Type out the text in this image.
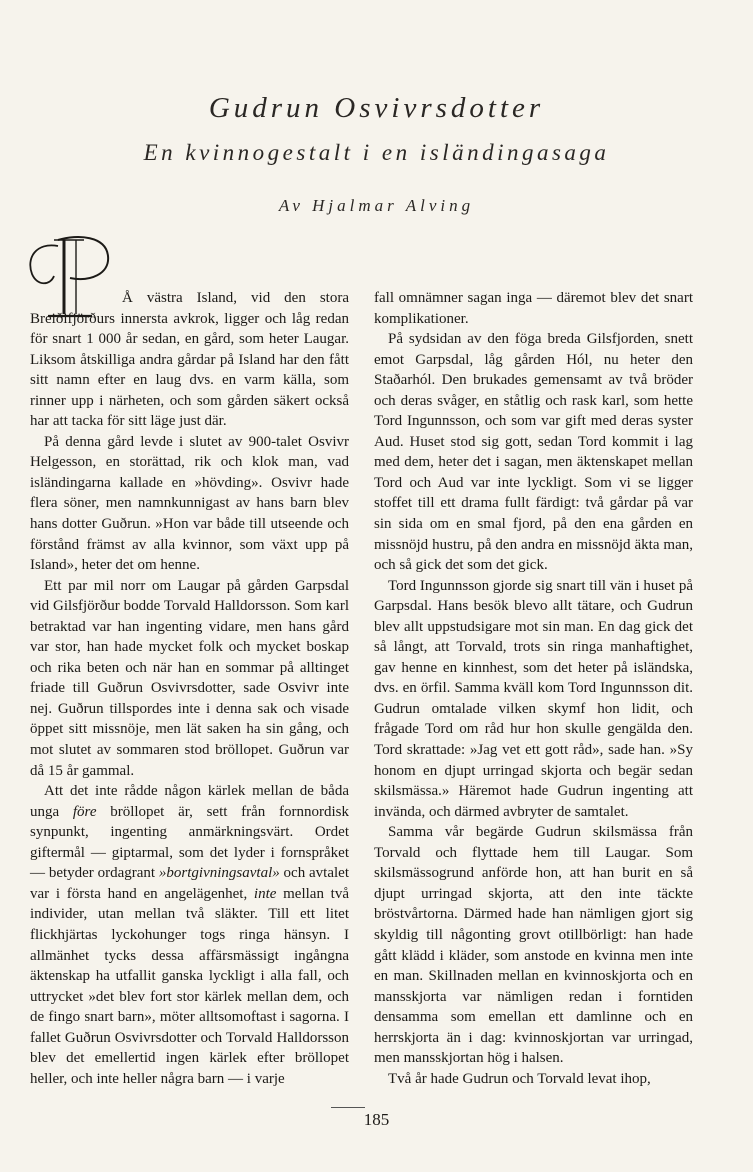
Gudrun Osvivrsdotter
En kvinnogestalt i en isländingasaga
Av Hjalmar Alving

Å västra Island, vid den stora Breiðifjörðurs innersta avkrok, ligger och låg redan för snart 1 000 år sedan, en gård, som heter Laugar. Liksom åtskilliga andra gårdar på Island har den fått sitt namn efter en laug dvs. en varm källa, som rinner upp i närheten, och som gården säkert också har att tacka för sitt läge just där.

På denna gård levde i slutet av 900-talet Osvivr Helgesson, en storättad, rik och klok man, vad isländingarna kallade en »hövding». Osvivr hade flera söner, men namnkunnigast av hans barn blev hans dotter Guðrun. »Hon var både till utseende och förstånd främst av alla kvinnor, som växt upp på Island», heter det om henne.

Ett par mil norr om Laugar på gården Garpsdal vid Gilsfjörður bodde Torvald Halldorsson. Som karl betraktad var han ingenting vidare, men hans gård var stor, han hade mycket folk och mycket boskap och rika beten och när han en sommar på alltinget friade till Guðrun Osvivrsdotter, sade Osvivr inte nej. Guðrun tillspordes inte i denna sak och visade öppet sitt missnöje, men lät saken ha sin gång, och mot slutet av sommaren stod bröllopet. Guðrun var då 15 år gammal.

Att det inte rådde någon kärlek mellan de båda unga före bröllopet är, sett från fornnordisk synpunkt, ingenting anmärkningsvärt. Ordet giftermål — giptarmal, som det lyder i fornspråket — betyder ordagrant »bortgivningsavtal» och avtalet var i första hand en angelägenhet, inte mellan två individer, utan mellan två släkter. Till ett litet flickhjärtas lyckohunger togs ringa hänsyn. I allmänhet tycks dessa affärsmässigt ingångna äktenskap ha utfallit ganska lyckligt i alla fall, och uttrycket »det blev fort stor kärlek mellan dem, och de fingo snart barn», möter alltsomoftast i sagorna. I fallet Guðrun Osvivrsdotter och Torvald Halldorsson blev det emellertid ingen kärlek efter bröllopet heller, och inte heller några barn — i varje

fall omnämner sagan inga — däremot blev det snart komplikationer.

På sydsidan av den föga breda Gilsfjorden, snett emot Garpsdal, låg gården Hól, nu heter den Staðarhól. Den brukades gemensamt av två bröder och deras svåger, en ståtlig och rask karl, som hette Tord Ingunnsson, och som var gift med deras syster Aud. Huset stod sig gott, sedan Tord kommit i lag med dem, heter det i sagan, men äktenskapet mellan Tord och Aud var inte lyckligt. Som vi se ligger stoffet till ett drama fullt färdigt: två gårdar på var sin sida om en smal fjord, på den ena gården en missnöjd hustru, på den andra en missnöjd äkta man, och så gick det som det gick.

Tord Ingunnsson gjorde sig snart till vän i huset på Garpsdal. Hans besök blevo allt tätare, och Gudrun blev allt uppstudsigare mot sin man. En dag gick det så långt, att Torvald, trots sin ringa manhaftighet, gav henne en kinnhest, som det heter på isländska, dvs. en örfil. Samma kväll kom Tord Ingunnsson dit. Gudrun omtalade vilken skymf hon lidit, och frågade Tord om råd hur hon skulle gengälda den. Tord skrattade: »Jag vet ett gott råd», sade han. »Sy honom en djupt urringad skjorta och begär sedan skilsmässa.» Häremot hade Gudrun ingenting att invända, och därmed avbryter de samtalet.

Samma vår begärde Gudrun skilsmässa från Torvald och flyttade hem till Laugar. Som skilsmässogrund anförde hon, att han burit en så djupt urringad skjorta, att den inte täckte bröstvårtorna. Därmed hade han nämligen gjort sig skyldig till någonting grovt otillbörligt: han hade gått klädd i kläder, som anstode en kvinna men inte en man. Skillnaden mellan en kvinnoskjorta och en mansskjorta var nämligen redan i forntiden densamma som emellan ett damlinne och en herrskjorta än i dag: kvinnoskjortan var urringad, men mansskjortan hög i halsen.

Två år hade Gudrun och Torvald levat ihop,

185
